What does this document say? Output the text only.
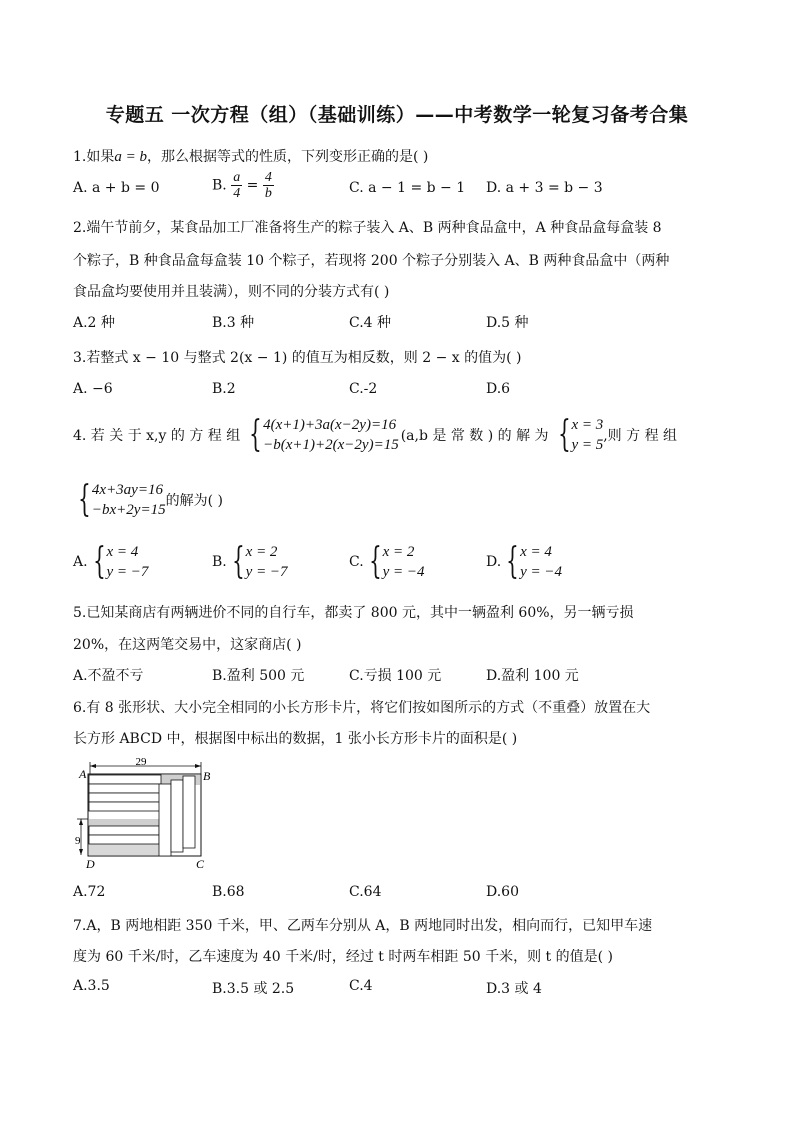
专题五 一次方程（组）（基础训练）——中考数学一轮复习备考合集
1.如果a = b，那么根据等式的性质，下列变形正确的是( )
A. a + b = 0	B. $\frac{a}{4} = \frac{4}{b}$	C. a − 1 = b − 1 D. a + 3 = b − 3
2.端午节前夕，某食品加工厂准备将生产的粽子装入 A、B 两种食品盒中，A 种食品盒每盒装 8
个粽子，B 种食品盒每盒装 10 个粽子，若现将 200 个粽子分别装入 A、B 两种食品盒中（两种
食品盒均要使用并且装满），则不同的分装方式有( )
A.2 种	B.3 种	C.4 种	D.5 种
3.若整式 x − 10 与整式 2(x − 1) 的值互为相反数，则 2 − x 的值为( )
A. −6	B.2	C.-2	D.6
4. 若 关 于 x,y 的 方 程 组 { 4(x+1)+3a(x−2y)=16
−b(x+1)+2(x−2y)=15
(a,b 是 常 数 ) 的 解 为 { x = 3
y = 5
,则 方 程 组
{ 4x+3ay=16
−bx+2y=15
的解为( )
A. { x = 4
y = −7
B. { x = 2
y = −7
C. { x = 2
y = −4
D. { x = 4
y = −4
5.已知某商店有两辆进价不同的自行车，都卖了 800 元，其中一辆盈利 60%，另一辆亏损
20%，在这两笔交易中，这家商店( )
A.不盈不亏	B.盈利 500 元	C.亏损 100 元	D.盈利 100 元
6.有 8 张形状、大小完全相同的小长方形卡片，将它们按如图所示的方式（不重叠）放置在大
长方形 ABCD 中，根据图中标出的数据，1 张小长方形卡片的面积是( )
29
9
A	B
D	C
A.72	B.68	C.64	D.60
7.A，B 两地相距 350 千米，甲、乙两车分别从 A，B 两地同时出发，相向而行，已知甲车速
度为 60 千米/时，乙车速度为 40 千米/时，经过 t 时两车相距 50 千米，则 t 的值是( )
A.3.5	B.3.5 或 2.5	C.4	D.3 或 4
